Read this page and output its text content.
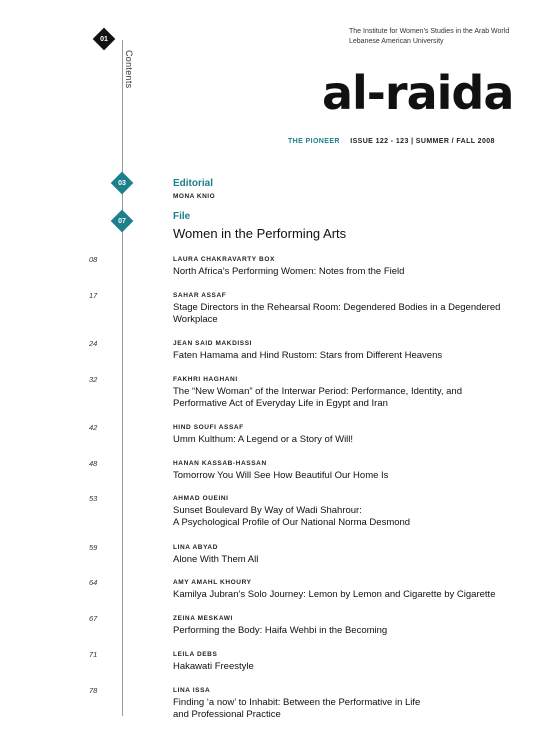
01
Contents
The Institute for Women's Studies in the Arab World
Lebanese American University
al-raida
THE PIONEER ISSUE 122 - 123 | SUMMER / FALL 2008
03	Editorial
MONA KNIO
07	File
Women in the Performing Arts
08	LAURA CHAKRAVARTY BOX
North Africa’s Performing Women: Notes from the Field
17	SAHAR ASSAF
Stage Directors in the Rehearsal Room: Degendered Bodies in a Degendered
Workplace
24	JEAN SAID MAKDISSI
Faten Hamama and Hind Rustom: Stars from Different Heavens
32	FAKHRI HAGHANI
The “New Woman” of the Interwar Period: Performance, Identity, and
Performative Act of Everyday Life in Egypt and Iran
42	HIND SOUFI ASSAF
Umm Kulthum: A Legend or a Story of Will!
48	HANAN KASSAB-HASSAN
Tomorrow You Will See How Beautiful Our Home Is
53	AHMAD OUEINI
Sunset Boulevard By Way of Wadi Shahrour:
A Psychological Profile of Our National Norma Desmond
59	LINA ABYAD
Alone With Them All
64	AMY AMAHL KHOURY
Kamilya Jubran’s Solo Journey: Lemon by Lemon and Cigarette by Cigarette
67	ZEINA MESKAWI
Performing the Body: Haifa Wehbi in the Becoming
71	LEILA DEBS
Hakawati Freestyle
78	LINA ISSA
Finding ‘a now’ to Inhabit: Between the Performative in Life
and Professional Practice
